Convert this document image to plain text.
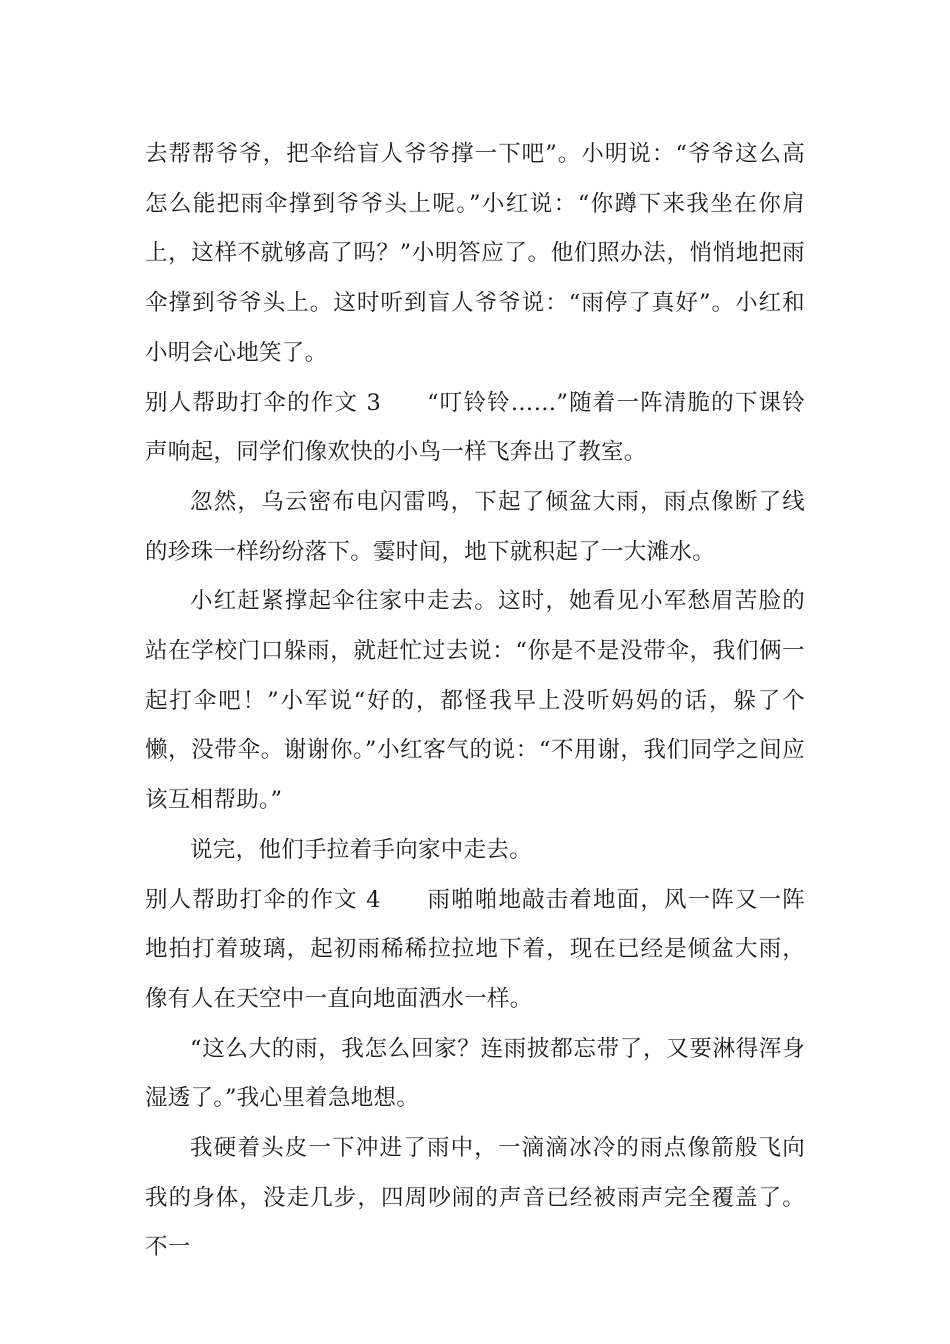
去帮帮爷爷，把伞给盲人爷爷撑一下吧”。小明说：“爷爷这么高怎么能把雨伞撑到爷爷头上呢。”小红说：“你蹲下来我坐在你肩上，这样不就够高了吗？”小明答应了。他们照办法，悄悄地把雨伞撑到爷爷头上。这时听到盲人爷爷说：“雨停了真好”。小红和小明会心地笑了。

别人帮助打伞的作文 3 “叮铃铃……”随着一阵清脆的下课铃声响起，同学们像欢快的小鸟一样飞奔出了教室。

忽然，乌云密布电闪雷鸣，下起了倾盆大雨，雨点像断了线的珍珠一样纷纷落下。霎时间，地下就积起了一大滩水。

小红赶紧撑起伞往家中走去。这时，她看见小军愁眉苦脸的站在学校门口躲雨，就赶忙过去说：“你是不是没带伞，我们俩一起打伞吧！”小军说“好的，都怪我早上没听妈妈的话，躲了个懒，没带伞。谢谢你。”小红客气的说：“不用谢，我们同学之间应该互相帮助。”

说完，他们手拉着手向家中走去。

别人帮助打伞的作文 4 雨啪啪地敲击着地面，风一阵又一阵地拍打着玻璃，起初雨稀稀拉拉地下着，现在已经是倾盆大雨，像有人在天空中一直向地面洒水一样。

“这么大的雨，我怎么回家？连雨披都忘带了，又要淋得浑身湿透了。”我心里着急地想。

我硬着头皮一下冲进了雨中，一滴滴冰冷的雨点像箭般飞向我的身体，没走几步，四周吵闹的声音已经被雨声完全覆盖了。不一
